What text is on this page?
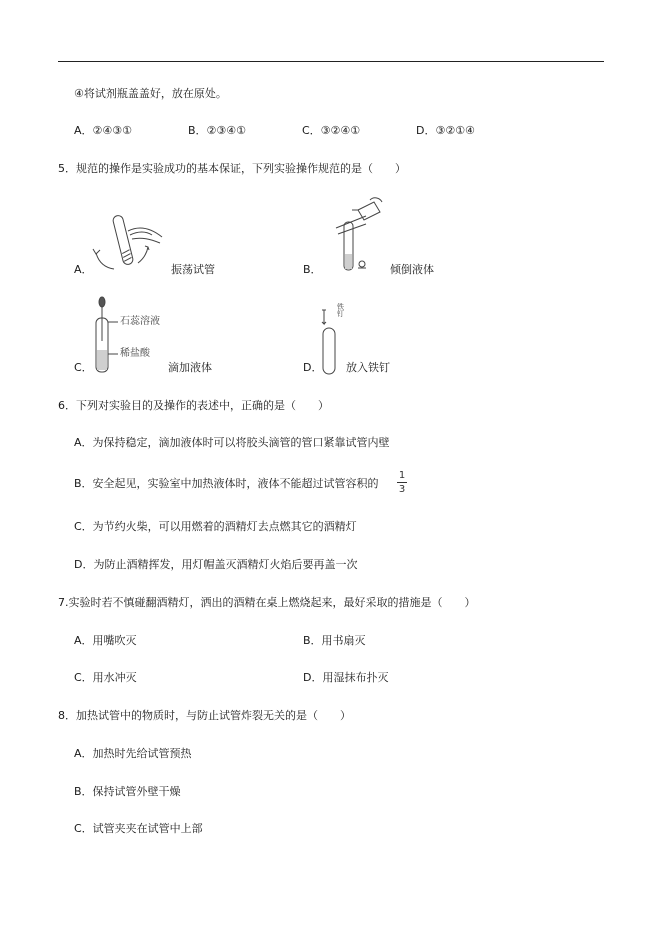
④将试剂瓶盖盖好，放在原处。
A．②④③①	B．②③④①	C．③②④①	D．③②①④
5．规范的操作是实验成功的基本保证，下列实验操作规范的是（　　）
A．	振荡试管	B．	倾倒液体
C．
石蕊溶液
稀盐酸
滴加液体	D．
铁钉
放入铁钉
6．下列对实验目的及操作的表述中，正确的是（　　）
A．为保持稳定，滴加液体时可以将胶头滴管的管口紧靠试管内壁
B．安全起见，实验室中加热液体时，液体不能超过试管容积的
1
3
C．为节约火柴，可以用燃着的酒精灯去点燃其它的酒精灯
D．为防止酒精挥发，用灯帽盖灭酒精灯火焰后要再盖一次
7.实验时若不慎碰翻酒精灯，洒出的酒精在桌上燃烧起来，最好采取的措施是（　　）
A．用嘴吹灭	B．用书扇灭
C．用水冲灭	D．用湿抹布扑灭
8．加热试管中的物质时，与防止试管炸裂无关的是（　　）
A．加热时先给试管预热
B．保持试管外壁干燥
C．试管夹夹在试管中上部
